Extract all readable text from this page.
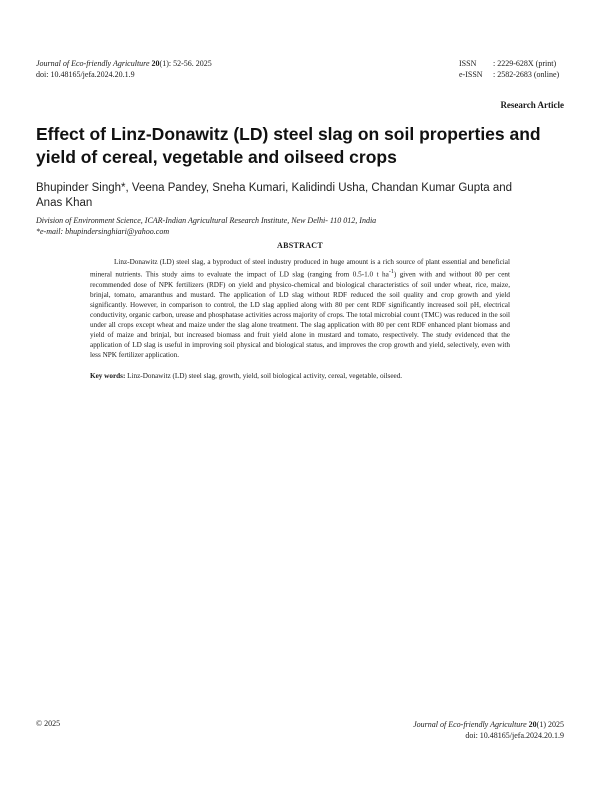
Journal of Eco-friendly Agriculture 20(1): 52-56. 2025
doi: 10.48165/jefa.2024.20.1.9
ISSN	: 2229-628X (print)
e-ISSN	: 2582-2683 (online)
Research Article
Effect of Linz-Donawitz (LD) steel slag on soil properties and yield of cereal, vegetable and oilseed crops

Bhupinder Singh*, Veena Pandey, Sneha Kumari, Kalidindi Usha, Chandan Kumar Gupta and Anas Khan

Division of Environment Science, ICAR-Indian Agricultural Research Institute, New Delhi- 110 012, India
*e-mail: bhupindersinghiari@yahoo.com
ABSTRACT

Linz-Donawitz (LD) steel slag, a byproduct of steel industry produced in huge amount is a rich source of plant essential and beneficial mineral nutrients. This study aims to evaluate the impact of LD slag (ranging from 0.5-1.0 t $ha^{-1}$) given with and without 80 per cent recommended dose of NPK fertilizers (RDF) on yield and physico-chemical and biological characteristics of soil under wheat, rice, maize, brinjal, tomato, amaranthus and mustard. The application of LD slag without RDF reduced the soil quality and crop growth and yield significantly. However, in comparison to control, the LD slag applied along with 80 per cent RDF significantly increased soil pH, electrical conductivity, organic carbon, urease and phosphatase activities across majority of crops. The total microbial count (TMC) was reduced in the soil under all crops except wheat and maize under the slag alone treatment. The slag application with 80 per cent RDF enhanced plant biomass and yield of maize and brinjal, but increased biomass and fruit yield alone in mustard and tomato, respectively. The study evidenced that the application of LD slag is useful in improving soil physical and biological status, and improves the crop growth and yield, selectively, even with less NPK fertilizer application.

Key words: Linz-Donawitz (LD) steel slag, growth, yield, soil biological activity, cereal, vegetable, oilseed.

© 2025	Journal of Eco-friendly Agriculture 20(1) 2025
doi: 10.48165/jefa.2024.20.1.9
